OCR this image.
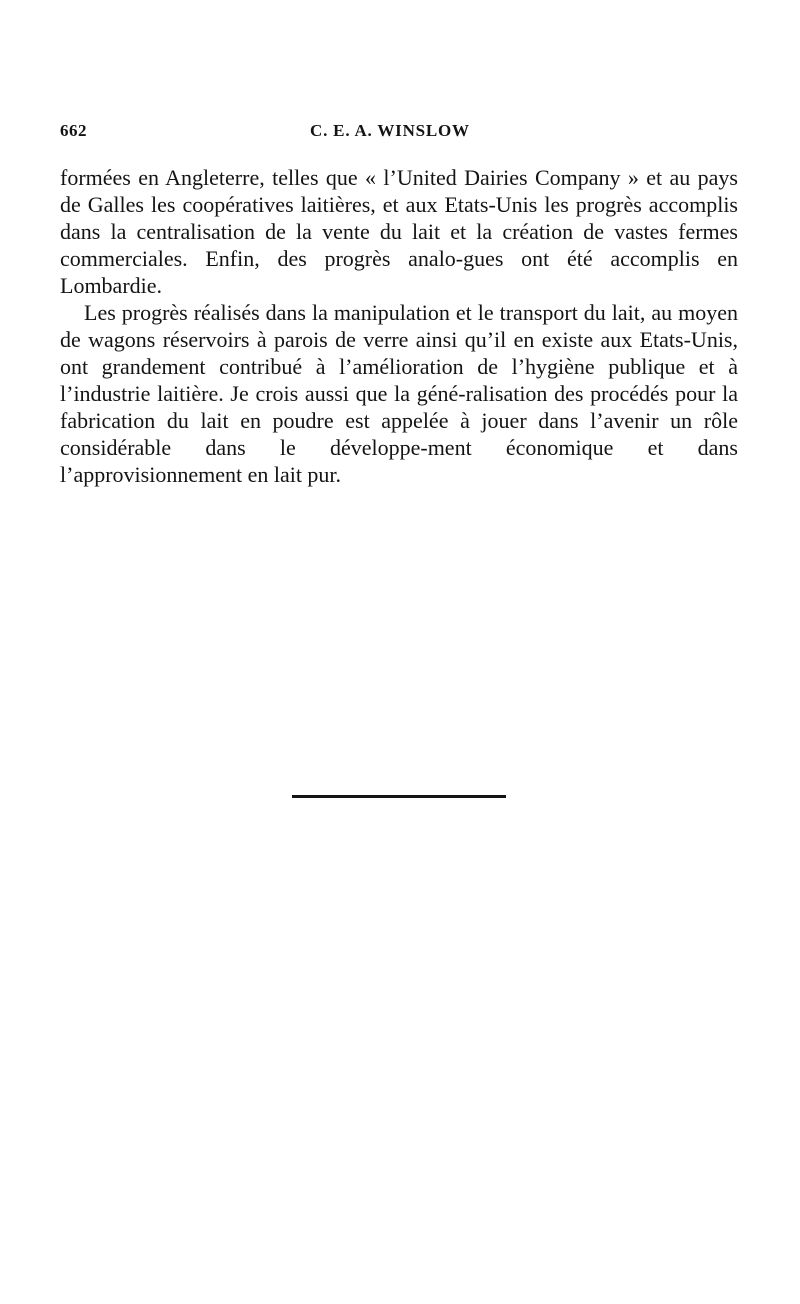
662	C. E. A. WINSLOW

formées en Angleterre, telles que « l’United Dairies Company » et au pays de Galles les coopératives laitières, et aux Etats-Unis les progrès accomplis dans la centralisation de la vente du lait et la création de vastes fermes commerciales. Enfin, des progrès analo-gues ont été accomplis en Lombardie.

Les progrès réalisés dans la manipulation et le transport du lait, au moyen de wagons réservoirs à parois de verre ainsi qu’il en existe aux Etats-Unis, ont grandement contribué à l’amélioration de l’hygiène publique et à l’industrie laitière. Je crois aussi que la géné-ralisation des procédés pour la fabrication du lait en poudre est appelée à jouer dans l’avenir un rôle considérable dans le développe-ment économique et dans l’approvisionnement en lait pur.
